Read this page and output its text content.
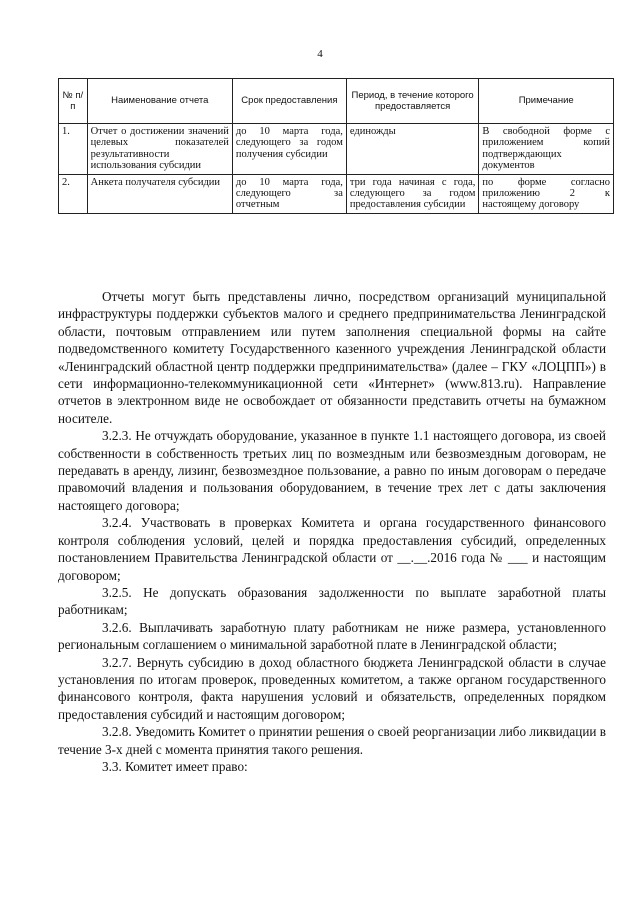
4
№ п/п	Наименование отчета	Срок предоставления	Период, в течение которого предоставляется	Примечание
1.	Отчет о достижении значений целевых показателей результативности использования субсидии	до 10 марта года, следующего за годом получения субсидии	единожды	В свободной форме с приложением копий подтверждающих документов
2.	Анкета получателя субсидии	до 10 марта года, следующего за отчетным	три года начиная с года, следующего за годом предоставления субсидии	по форме согласно приложению 2 к настоящему договору

Отчеты могут быть представлены лично, посредством организаций муниципальной инфраструктуры поддержки субъектов малого и среднего предпринимательства Ленинградской области, почтовым отправлением или путем заполнения специальной формы на сайте подведомственного комитету Государственного казенного учреждения Ленинградской области «Ленинградский областной центр поддержки предпринимательства» (далее – ГКУ «ЛОЦПП») в сети информационно-телекоммуникационной сети «Интернет» (www.813.ru). Направление отчетов в электронном виде не освобождает от обязанности представить отчеты на бумажном носителе.

3.2.3. Не отчуждать оборудование, указанное в пункте 1.1 настоящего договора, из своей собственности в собственность третьих лиц по возмездным или безвозмездным договорам, не передавать в аренду, лизинг, безвозмездное пользование, а равно по иным договорам о передаче правомочий владения и пользования оборудованием, в течение трех лет с даты заключения настоящего договора;

3.2.4. Участвовать в проверках Комитета и органа государственного финансового контроля соблюдения условий, целей и порядка предоставления субсидий, определенных постановлением Правительства Ленинградской области от __.__.2016 года № ___ и настоящим договором;

3.2.5. Не допускать образования задолженности по выплате заработной платы работникам;

3.2.6. Выплачивать заработную плату работникам не ниже размера, установленного региональным соглашением о минимальной заработной плате в Ленинградской области;

3.2.7. Вернуть субсидию в доход областного бюджета Ленинградской области в случае установления по итогам проверок, проведенных комитетом, а также органом государственного финансового контроля, факта нарушения условий и обязательств, определенных порядком предоставления субсидий и настоящим договором;

3.2.8. Уведомить Комитет о принятии решения о своей реорганизации либо ликвидации в течение 3-х дней с момента принятия такого решения.

3.3. Комитет имеет право:
